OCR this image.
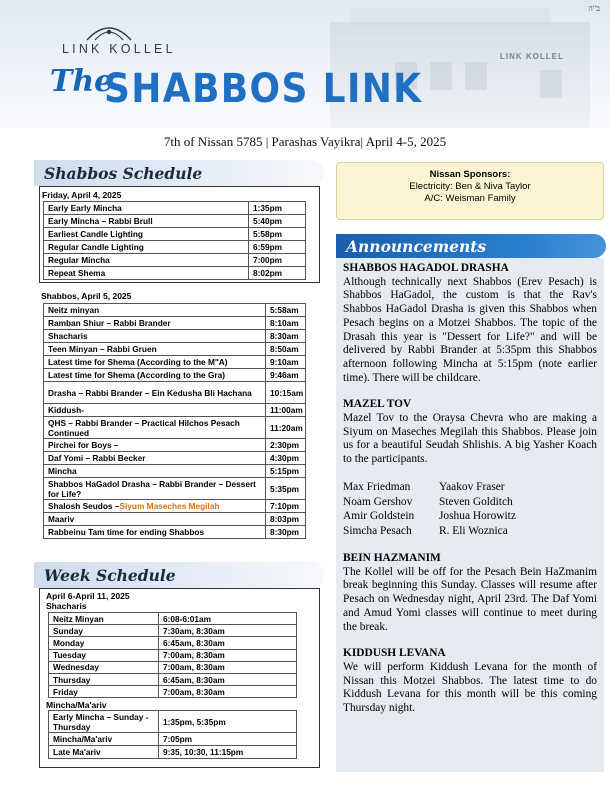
LINK KOLLEL
LINK KOLLEL
The
SHABBOS LINK
ב"ה
7th of Nissan 5785 | Parashas Vayikra| April 4-5, 2025
Shabbos Schedule
Friday, April 4, 2025
Early Early Mincha	1:35pm
Early Mincha – Rabbi Brull	5:40pm
Earliest Candle Lighting	5:58pm
Regular Candle Lighting	6:59pm
Regular Mincha	7:00pm
Repeat Shema	8:02pm
Shabbos, April 5, 2025
Neitz minyan	5:58am
Ramban Shiur – Rabbi Brander	8:10am
Shacharis	8:30am
Teen Minyan – Rabbi Gruen	8:50am
Latest time for Shema (According to the M"A)	9:10am
Latest time for Shema (According to the Gra)	9:46am
Drasha – Rabbi Brander – Ein Kedusha Bli Hachana	10:15am
Kiddush-	11:00am
QHS – Rabbi Brander – Practical Hilchos Pesach Continued	11:20am
Pirchei for Boys –	2:30pm
Daf Yomi – Rabbi Becker	4:30pm
Mincha	5:15pm
Shabbos HaGadol Drasha – Rabbi Brander – Dessert for Life?	5:35pm
Shalosh Seudos –Siyum Maseches Megilah	7:10pm
Maariv	8:03pm
Rabbeinu Tam time for ending Shabbos	8:30pm
Week Schedule
April 6-April 11, 2025
Shacharis
Neitz Minyan	6:08-6:01am
Sunday	7:30am, 8:30am
Monday	6:45am, 8:30am
Tuesday	7:00am, 8:30am
Wednesday	7:00am, 8:30am
Thursday	6:45am, 8:30am
Friday	7:00am, 8:30am
Mincha/Ma'ariv
Early Mincha – Sunday - Thursday	1:35pm, 5:35pm
Mincha/Ma'ariv	7:05pm
Late Ma'ariv	9:35, 10:30, 11:15pm
Nissan Sponsors:
Electricity: Ben & Niva Taylor
A/C: Weisman Family
Announcements
SHABBOS HAGADOL DRASHA
Although technically next Shabbos (Erev Pesach) is Shabbos HaGadol, the custom is that the Rav's Shabbos HaGadol Drasha is given this Shabbos when Pesach begins on a Motzei Shabbos. The topic of the Drasah this year is "Dessert for Life?" and will be delivered by Rabbi Brander at 5:35pm this Shabbos afternoon following Mincha at 5:15pm (note earlier time). There will be childcare.
MAZEL TOV
Mazel Tov to the Oraysa Chevra who are making a Siyum on Maseches Megilah this Shabbos. Please join us for a beautiful Seudah Shlishis. A big Yasher Koach to the participants.
Max Friedman	Yaakov Fraser
Noam Gershov	Steven Golditch
Amir Goldstein	Joshua Horowitz
Simcha Pesach	R. Eli Woznica
BEIN HAZMANIM
The Kollel will be off for the Pesach Bein HaZmanim break beginning this Sunday. Classes will resume after Pesach on Wednesday night, April 23rd. The Daf Yomi and Amud Yomi classes will continue to meet during the break.
KIDDUSH LEVANA
We will perform Kiddush Levana for the month of Nissan this Motzei Shabbos. The latest time to do Kiddush Levana for this month will be this coming Thursday night.
